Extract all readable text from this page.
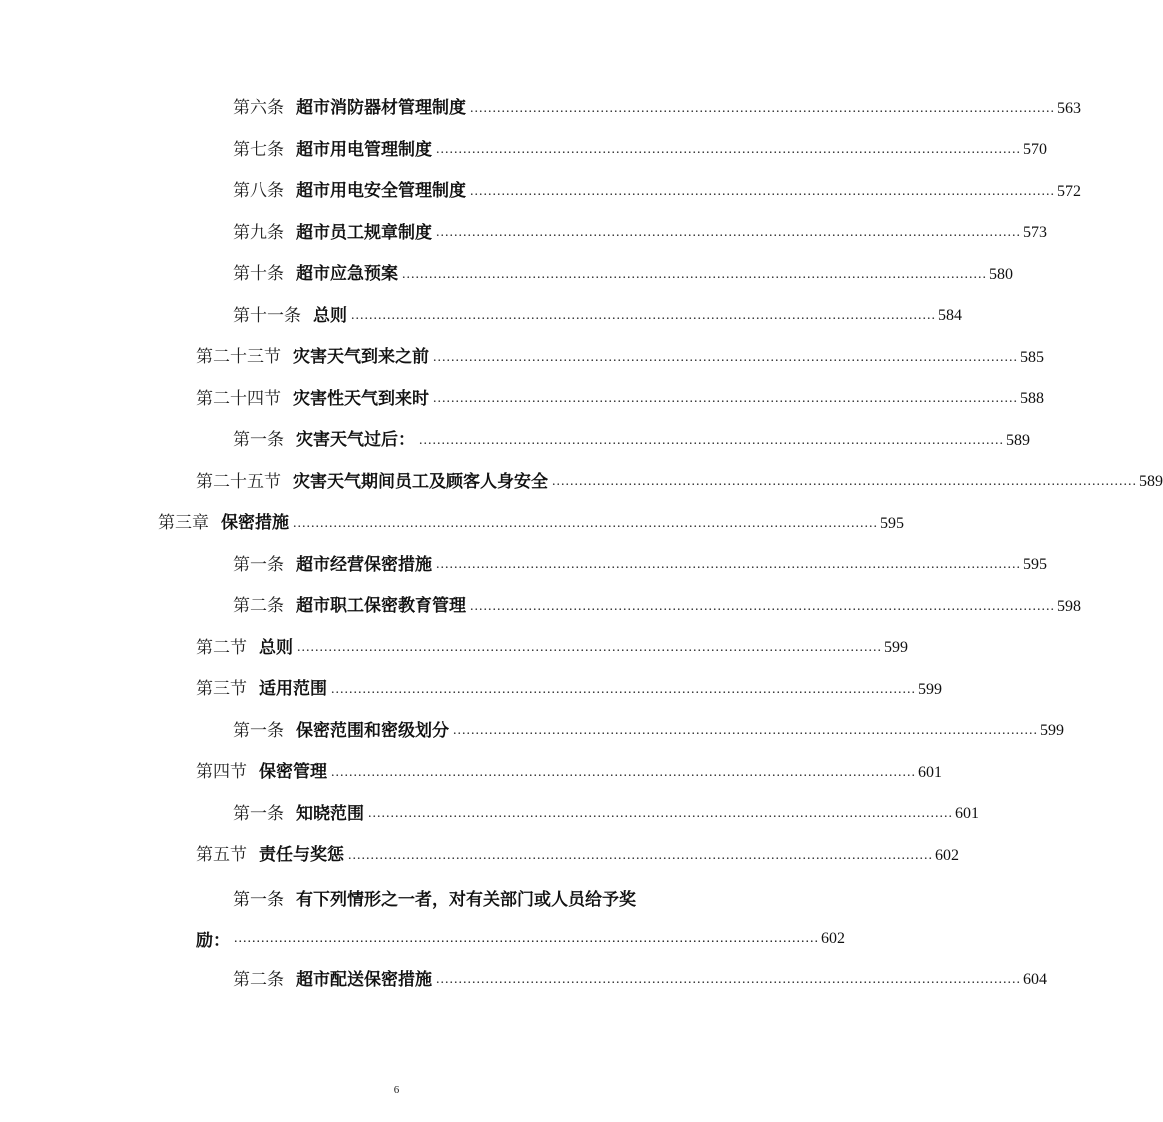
第六条 超市消防器材管理制度 .................................................................................................................................. 563
第七条 超市用电管理制度 .................................................................................................................................. 570
第八条 超市用电安全管理制度 .................................................................................................................................. 572
第九条 超市员工规章制度 .................................................................................................................................. 573
第十条 超市应急预案 .................................................................................................................................. 580
第十一条 总则 .................................................................................................................................. 584
第二十三节 灾害天气到来之前 .................................................................................................................................. 585
第二十四节 灾害性天气到来时 .................................................................................................................................. 588
第一条 灾害天气过后： .................................................................................................................................. 589
第二十五节 灾害天气期间员工及顾客人身安全 .................................................................................................................................. 589
第三章 保密措施 .................................................................................................................................. 595
第一条 超市经营保密措施 .................................................................................................................................. 595
第二条 超市职工保密教育管理 .................................................................................................................................. 598
第二节 总则 .................................................................................................................................. 599
第三节 适用范围 .................................................................................................................................. 599
第一条 保密范围和密级划分 .................................................................................................................................. 599
第四节 保密管理 .................................................................................................................................. 601
第一条 知晓范围 .................................................................................................................................. 601
第五节 责任与奖惩 .................................................................................................................................. 602
第一条 有下列情形之一者，对有关部门或人员给予奖
励： .................................................................................................................................. 602
第二条 超市配送保密措施 .................................................................................................................................. 604
6
